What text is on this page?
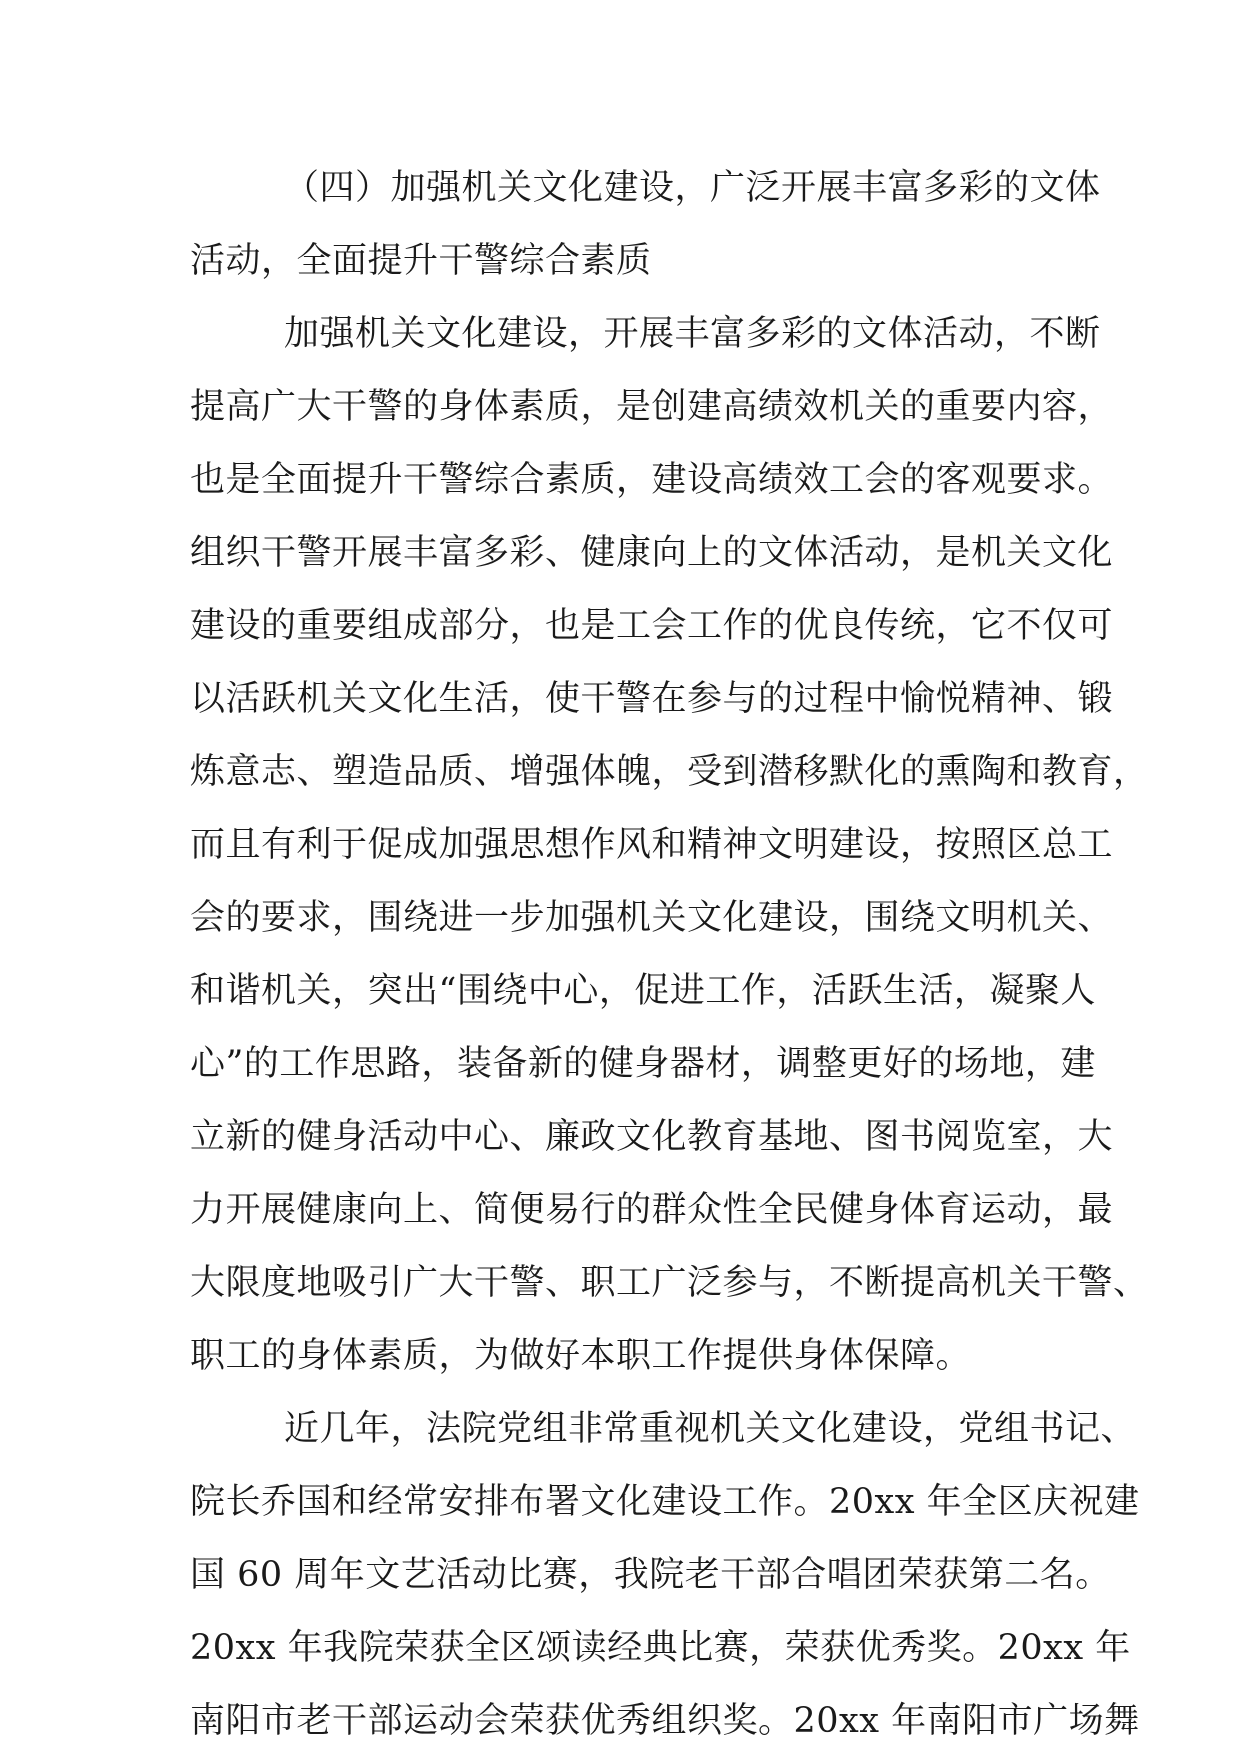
（四）加强机关文化建设，广泛开展丰富多彩的文体
活动，全面提升干警综合素质
加强机关文化建设，开展丰富多彩的文体活动，不断
提高广大干警的身体素质，是创建高绩效机关的重要内容，
也是全面提升干警综合素质，建设高绩效工会的客观要求。
组织干警开展丰富多彩、健康向上的文体活动，是机关文化
建设的重要组成部分，也是工会工作的优良传统，它不仅可
以活跃机关文化生活，使干警在参与的过程中愉悦精神、锻
炼意志、塑造品质、增强体魄，受到潜移默化的熏陶和教育，
而且有利于促成加强思想作风和精神文明建设，按照区总工
会的要求，围绕进一步加强机关文化建设，围绕文明机关、
和谐机关，突出“围绕中心，促进工作，活跃生活，凝聚人
心”的工作思路，装备新的健身器材，调整更好的场地，建
立新的健身活动中心、廉政文化教育基地、图书阅览室，大
力开展健康向上、简便易行的群众性全民健身体育运动，最
大限度地吸引广大干警、职工广泛参与，不断提高机关干警、
职工的身体素质，为做好本职工作提供身体保障。
近几年，法院党组非常重视机关文化建设，党组书记、
院长乔国和经常安排布署文化建设工作。20xx 年全区庆祝建
国 60 周年文艺活动比赛，我院老干部合唱团荣获第二名。
20xx 年我院荣获全区颂读经典比赛，荣获优秀奖。20xx 年
南阳市老干部运动会荣获优秀组织奖。20xx 年南阳市广场舞
